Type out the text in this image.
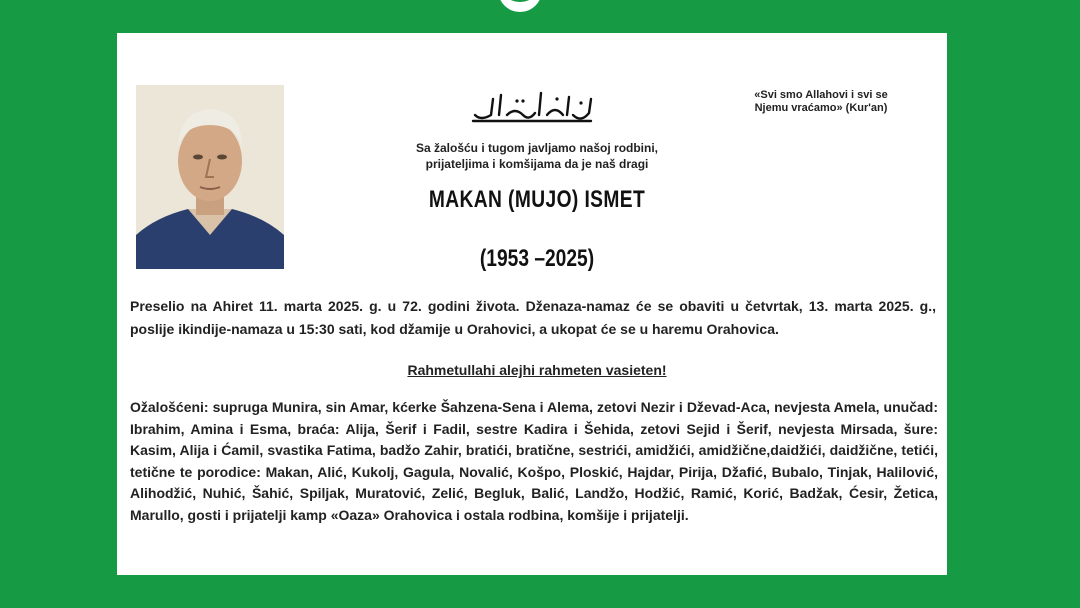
«Svi smo Allahovi i svi se
Njemu vraćamo» (Kur'an)
Sa žalošću i tugom javljamo našoj rodbini,
prijateljima i komšijama da je naš dragi
MAKAN (MUJO) ISMET
(1953 –2025)
Preselio na Ahiret 11. marta 2025. g. u 72. godini života. Dženaza-namaz će se obaviti u četvrtak, 13. marta 2025. g., poslije ikindije-namaza u 15:30 sati, kod džamije u Orahovici, a ukopat će se u haremu Orahovica.
Rahmetullahi alejhi rahmeten vasieten!
Ožalošćeni: supruga Munira, sin Amar, kćerke Šahzena-Sena i Alema, zetovi Nezir i Dževad-Aca, nevjesta Amela, unučad: Ibrahim, Amina i Esma, braća: Alija, Šerif i Fadil, sestre Kadira i Šehida, zetovi Sejid i Šerif, nevjesta Mirsada, šure: Kasim, Alija i Ćamil, svastika Fatima, badžo Zahir, bratići, bratične, sestrići, amidžići, amidžične,daidžići, daidžične, tetići, tetične te porodice: Makan, Alić, Kukolj, Gagula, Novalić, Košpo, Ploskić, Hajdar, Pirija, Džafić, Bubalo, Tinjak, Halilović, Alihodžić, Nuhić, Šahić, Spiljak, Muratović, Zelić, Begluk, Balić, Landžo, Hodžić, Ramić, Korić, Badžak, Ćesir, Žetica, Marullo, gosti i prijatelji kamp «Oaza» Orahovica i ostala rodbina, komšije i prijatelji.
